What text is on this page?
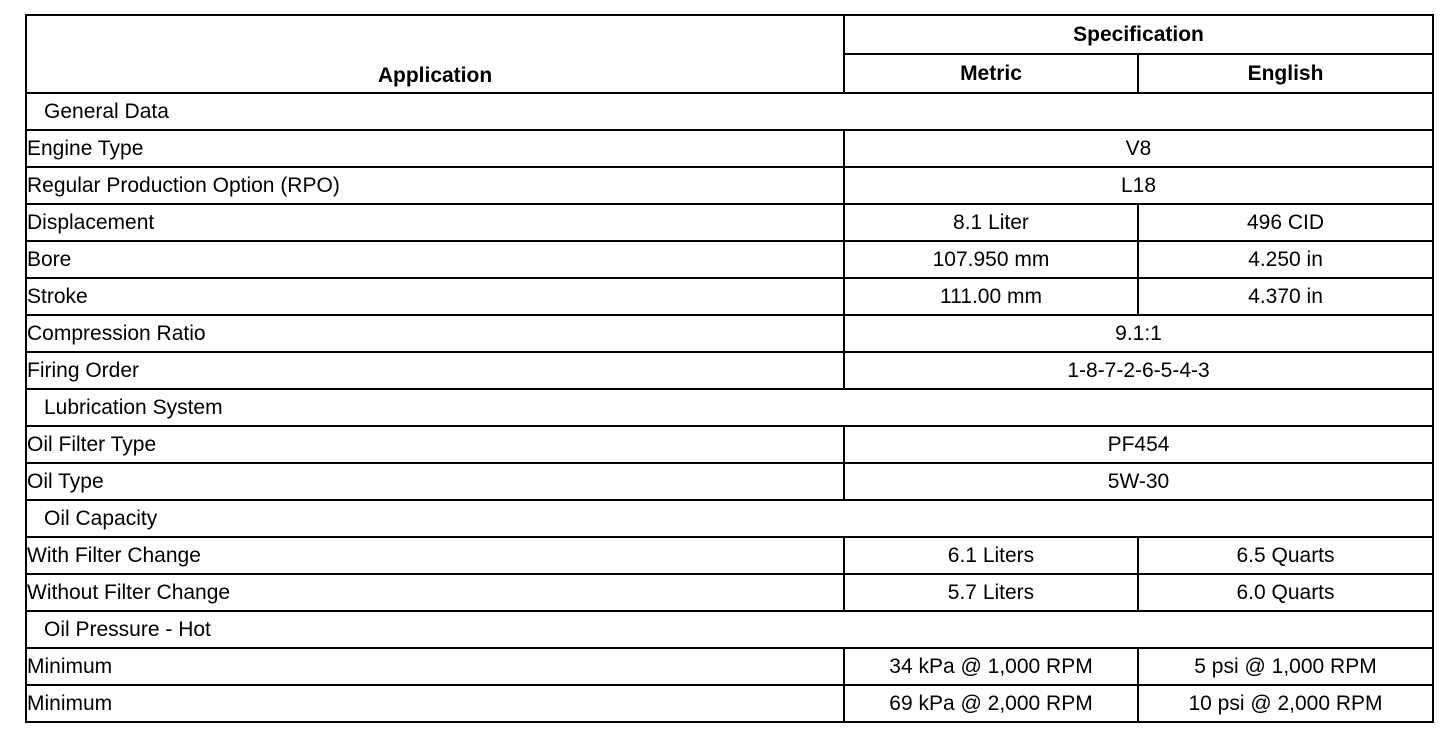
Application	Specification	
	Metric	English
General Data		
Engine Type	V8	
Regular Production Option (RPO)	L18	
Displacement	8.1 Liter	496 CID
Bore	107.950 mm	4.250 in
Stroke	111.00 mm	4.370 in
Compression Ratio	9.1:1	
Firing Order	1-8-7-2-6-5-4-3	
Lubrication System		
Oil Filter Type	PF454	
Oil Type	5W-30	
Oil Capacity		
With Filter Change	6.1 Liters	6.5 Quarts
Without Filter Change	5.7 Liters	6.0 Quarts
Oil Pressure - Hot		
Minimum	34 kPa @ 1,000 RPM	5 psi @ 1,000 RPM
Minimum	69 kPa @ 2,000 RPM	10 psi @ 2,000 RPM
